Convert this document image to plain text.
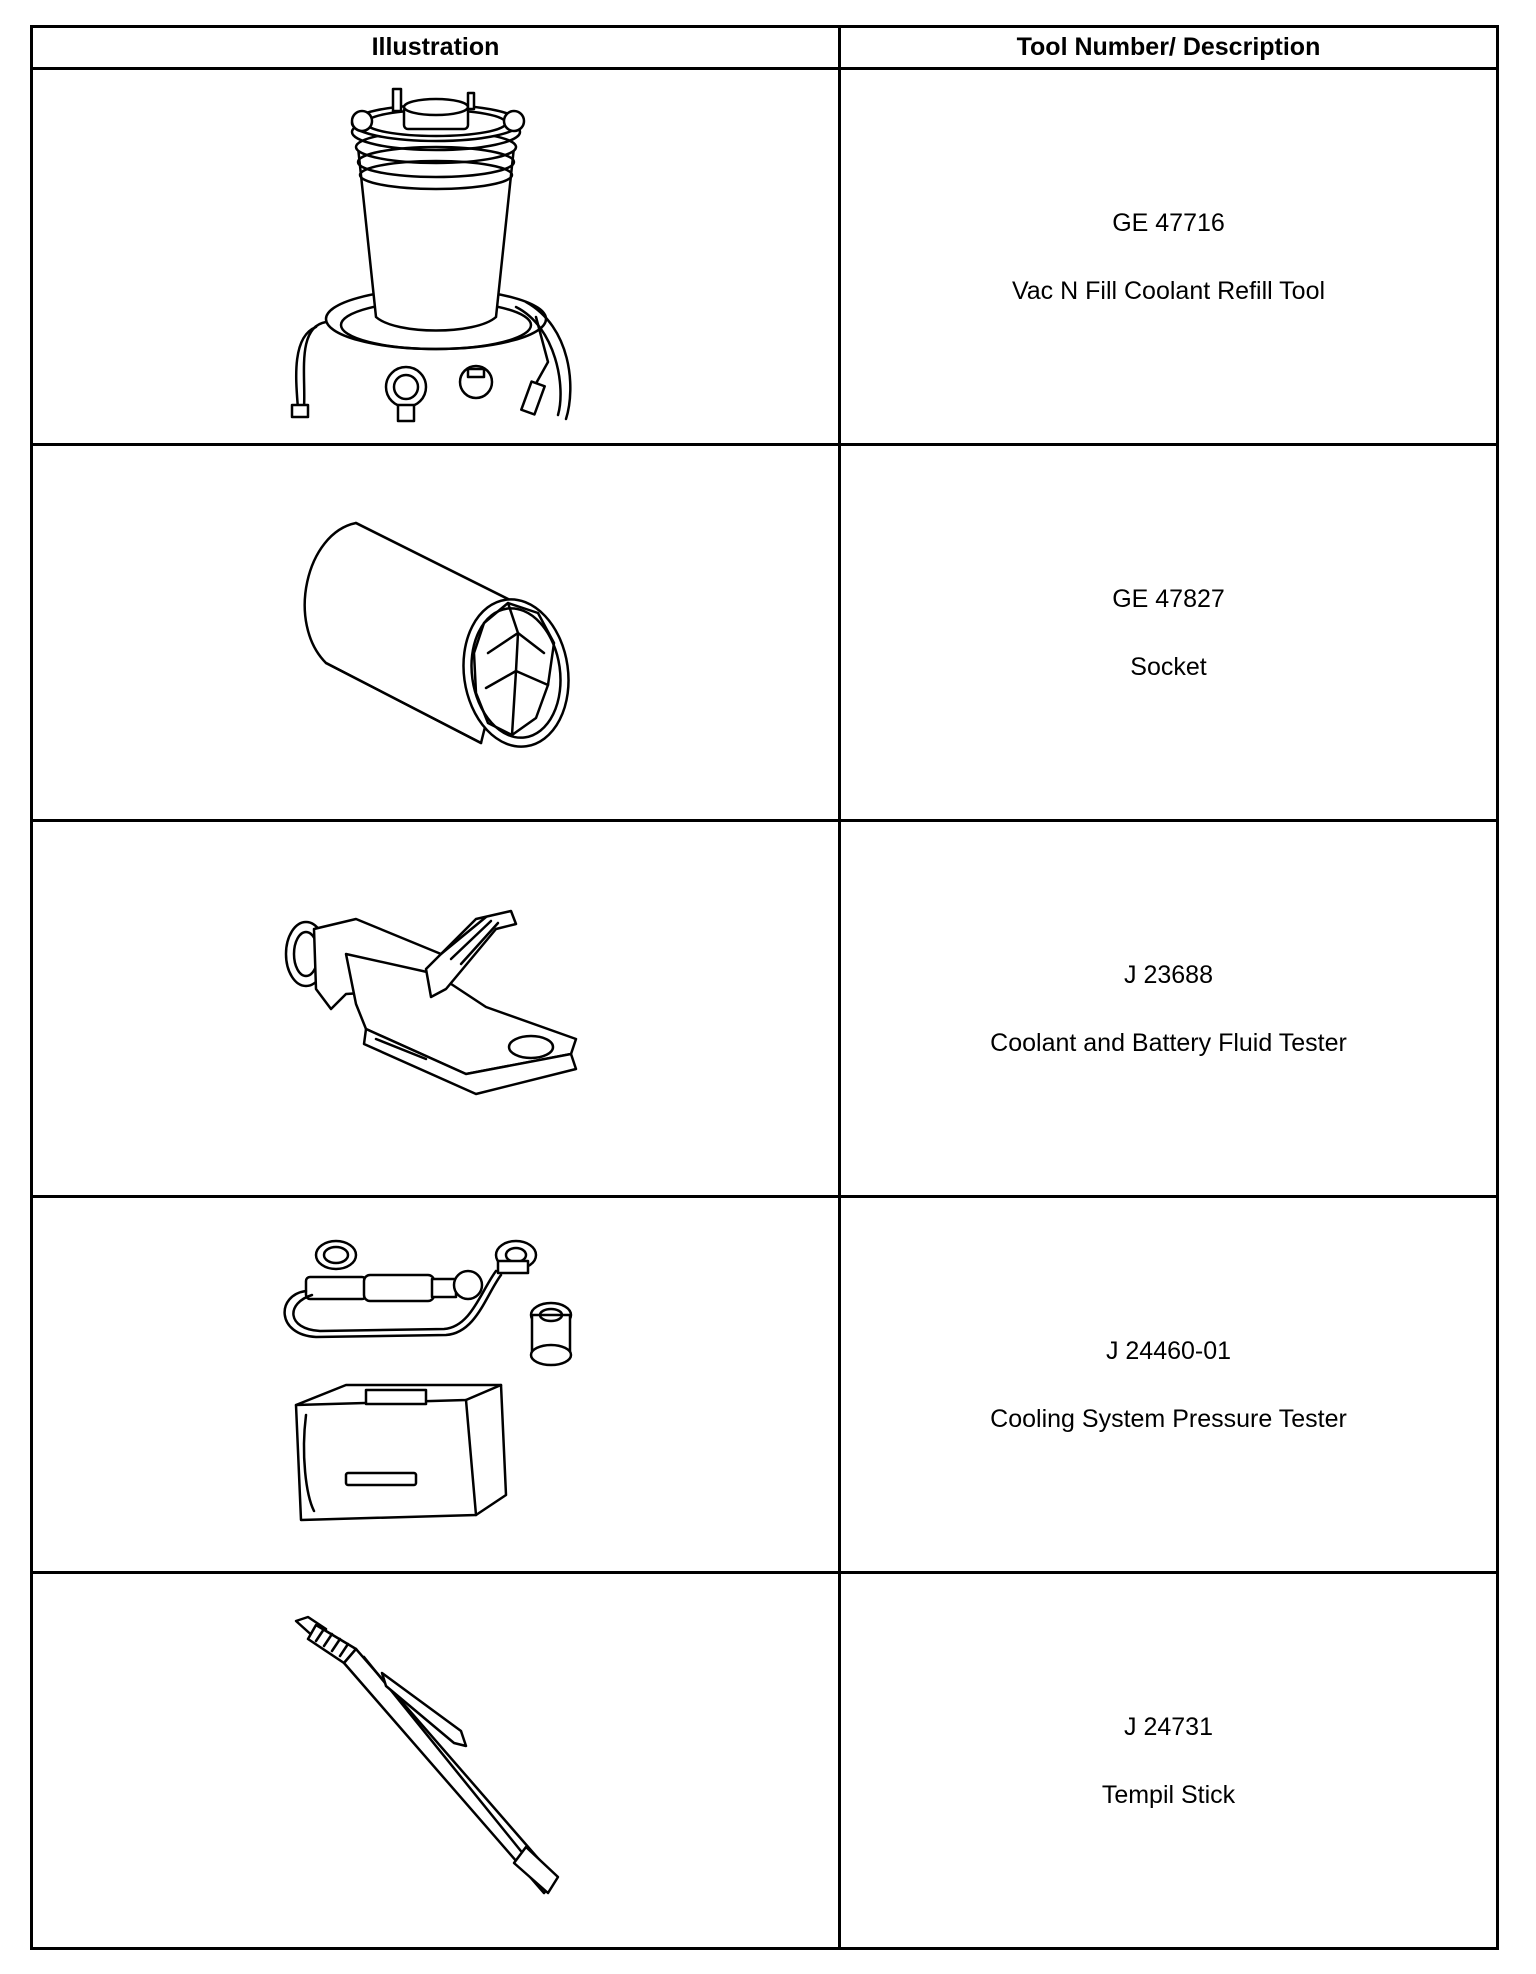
Illustration	Tool Number/ Description

GE 47716
Vac N Fill Coolant Refill Tool

GE 47827
Socket

J 23688
Coolant and Battery Fluid Tester

J 24460-01
Cooling System Pressure Tester

J 24731
Tempil Stick
